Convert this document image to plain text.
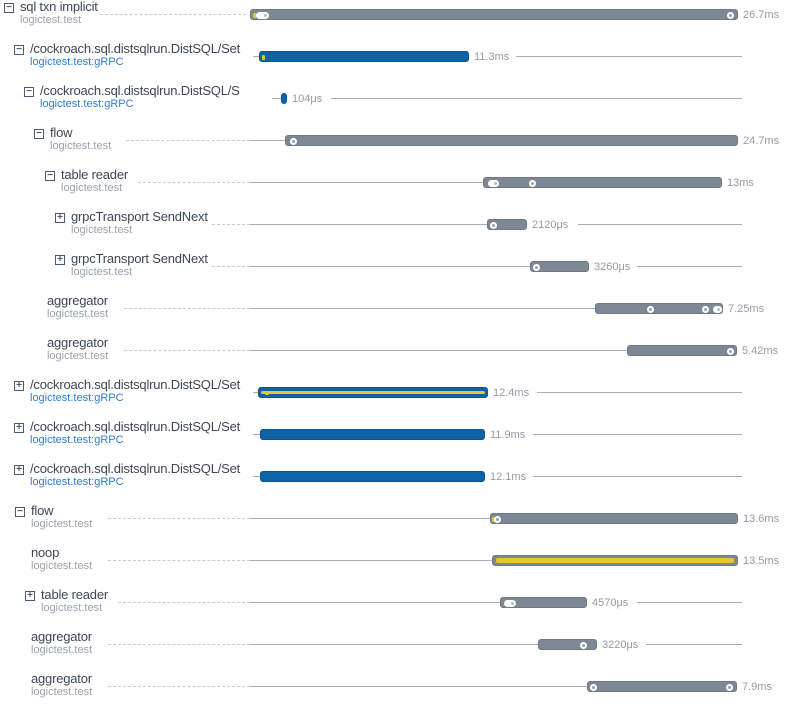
− sql txn implicit
logictest.test	26.7ms
− /cockroach.sql.distsqlrun.DistSQL/Set
logictest.test:gRPC	11.3ms
− /cockroach.sql.distsqlrun.DistSQL/S
logictest.test:gRPC	104μs
− flow
logictest.test	24.7ms
− table reader
logictest.test	13ms
+ grpcTransport SendNext
logictest.test	2120μs
+ grpcTransport SendNext
logictest.test	3260μs
aggregator
logictest.test	7.25ms
aggregator
logictest.test	5.42ms
+ /cockroach.sql.distsqlrun.DistSQL/Set
logictest.test:gRPC	12.4ms
+ /cockroach.sql.distsqlrun.DistSQL/Set
logictest.test:gRPC	11.9ms
+ /cockroach.sql.distsqlrun.DistSQL/Set
logictest.test:gRPC	12.1ms
− flow
logictest.test	13.6ms
noop
logictest.test	13.5ms
+ table reader
logictest.test	4570μs
aggregator
logictest.test	3220μs
aggregator
logictest.test	7.9ms
